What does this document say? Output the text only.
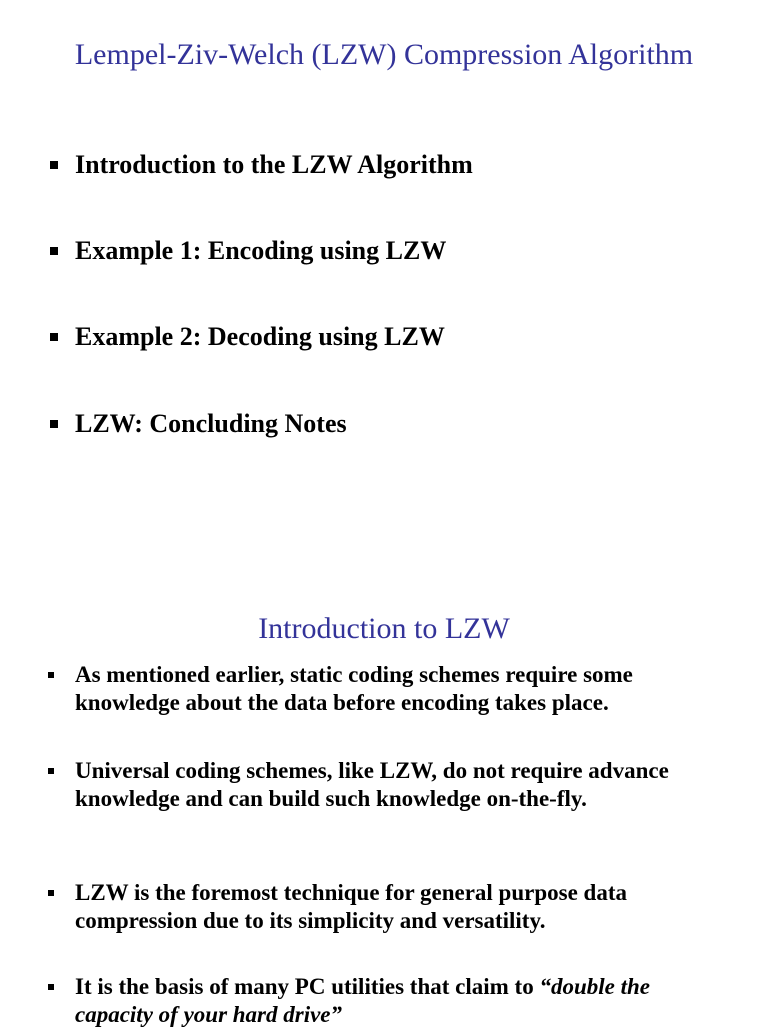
Lempel-Ziv-Welch (LZW) Compression Algorithm
Introduction to the LZW Algorithm
Example 1: Encoding using LZW
Example 2: Decoding using LZW
LZW: Concluding Notes
Introduction to LZW
As mentioned earlier, static coding schemes require some knowledge about the data before encoding takes place.
Universal coding schemes, like LZW, do not require advance knowledge and can build such knowledge on-the-fly.
LZW is the foremost technique for general purpose data compression due to its simplicity and versatility.
It is the basis of many PC utilities that claim to “double the capacity of your hard drive”
